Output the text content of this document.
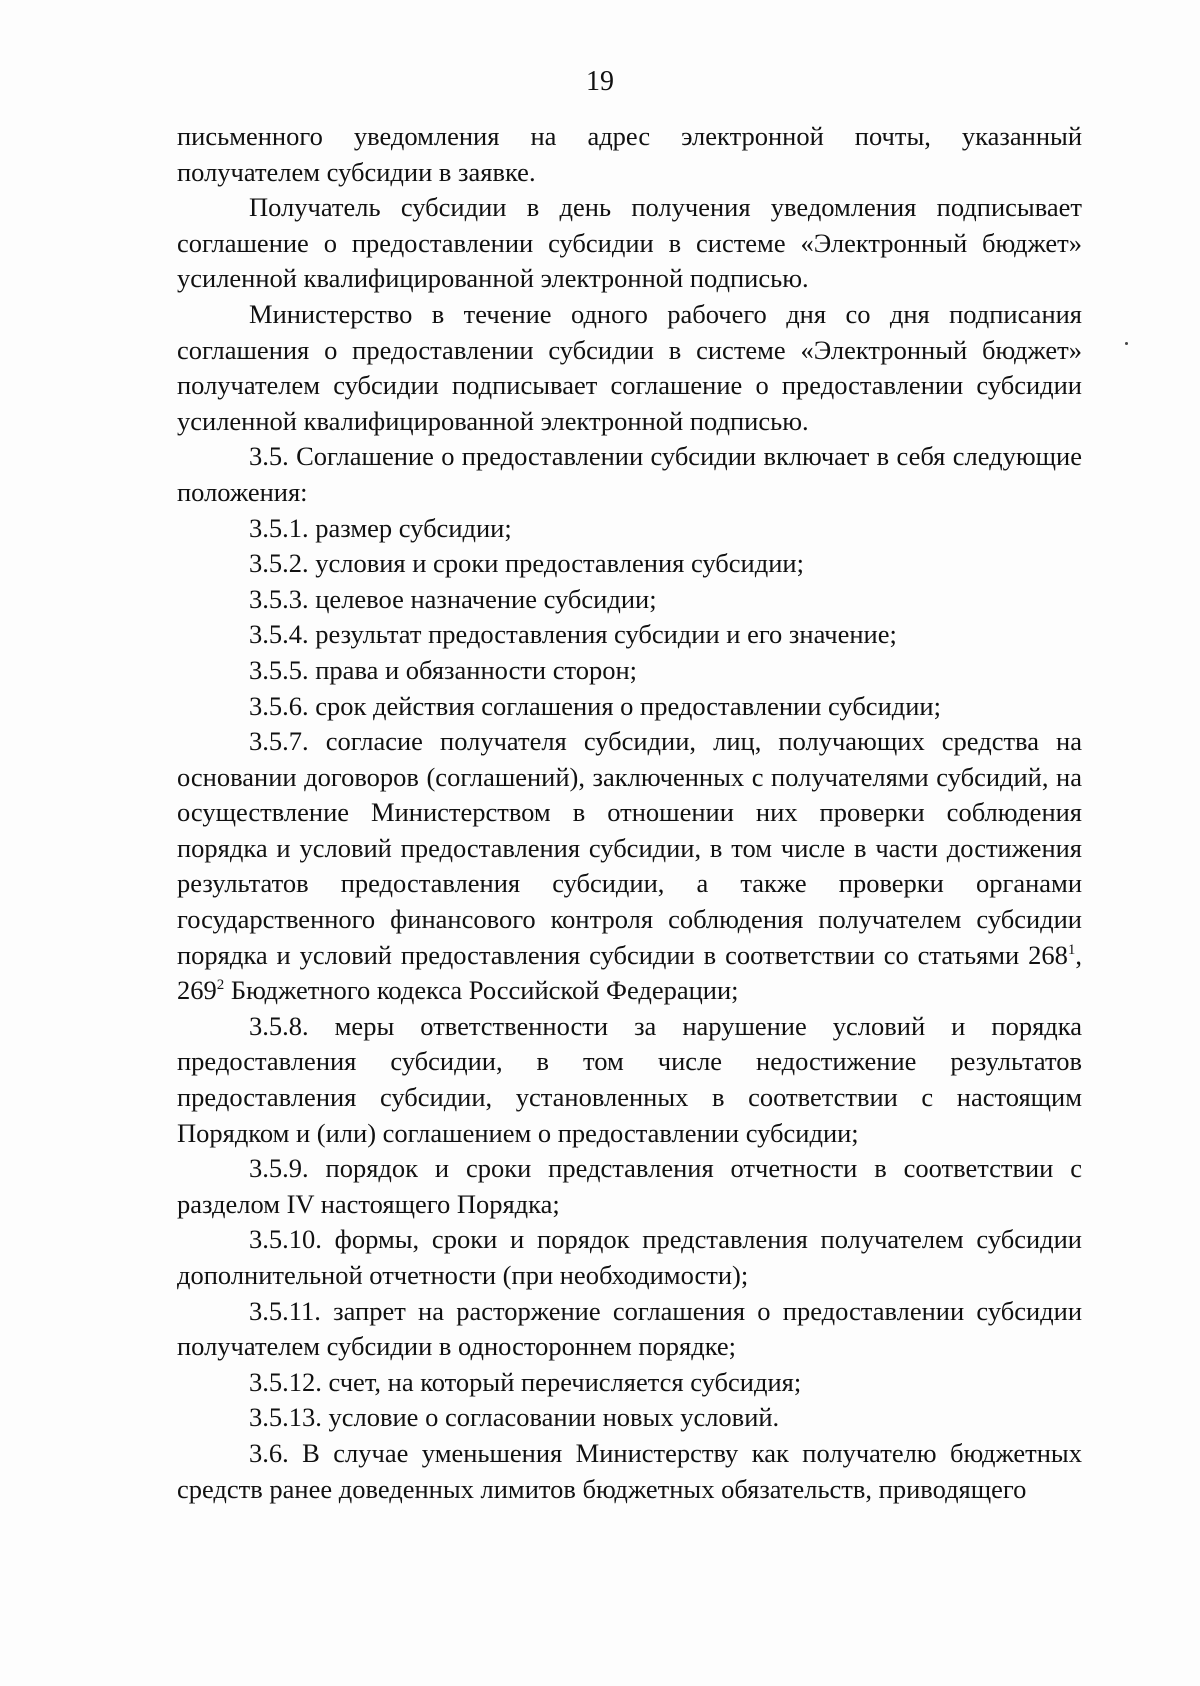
19

письменного уведомления на адрес электронной почты, указанный получателем субсидии в заявке.

Получатель субсидии в день получения уведомления подписывает соглашение о предоставлении субсидии в системе «Электронный бюджет» усиленной квалифицированной электронной подписью.

Министерство в течение одного рабочего дня со дня подписания соглашения о предоставлении субсидии в системе «Электронный бюджет» получателем субсидии подписывает соглашение о предоставлении субсидии усиленной квалифицированной электронной подписью.

3.5. Соглашение о предоставлении субсидии включает в себя следующие положения:

3.5.1. размер субсидии;

3.5.2. условия и сроки предоставления субсидии;

3.5.3. целевое назначение субсидии;

3.5.4. результат предоставления субсидии и его значение;

3.5.5. права и обязанности сторон;

3.5.6. срок действия соглашения о предоставлении субсидии;

3.5.7. согласие получателя субсидии, лиц, получающих средства на основании договоров (соглашений), заключенных с получателями субсидий, на осуществление Министерством в отношении них проверки соблюдения порядка и условий предоставления субсидии, в том числе в части достижения результатов предоставления субсидии, а также проверки органами государственного финансового контроля соблюдения получателем субсидии порядка и условий предоставления субсидии в соответствии со статьями $268^1$, $269^2$ Бюджетного кодекса Российской Федерации;

3.5.8. меры ответственности за нарушение условий и порядка предоставления субсидии, в том числе недостижение результатов предоставления субсидии, установленных в соответствии с настоящим Порядком и (или) соглашением о предоставлении субсидии;

3.5.9. порядок и сроки представления отчетности в соответствии с разделом IV настоящего Порядка;

3.5.10. формы, сроки и порядок представления получателем субсидии дополнительной отчетности (при необходимости);

3.5.11. запрет на расторжение соглашения о предоставлении субсидии получателем субсидии в одностороннем порядке;

3.5.12. счет, на который перечисляется субсидия;

3.5.13. условие о согласовании новых условий.

3.6. В случае уменьшения Министерству как получателю бюджетных средств ранее доведенных лимитов бюджетных обязательств, приводящего
